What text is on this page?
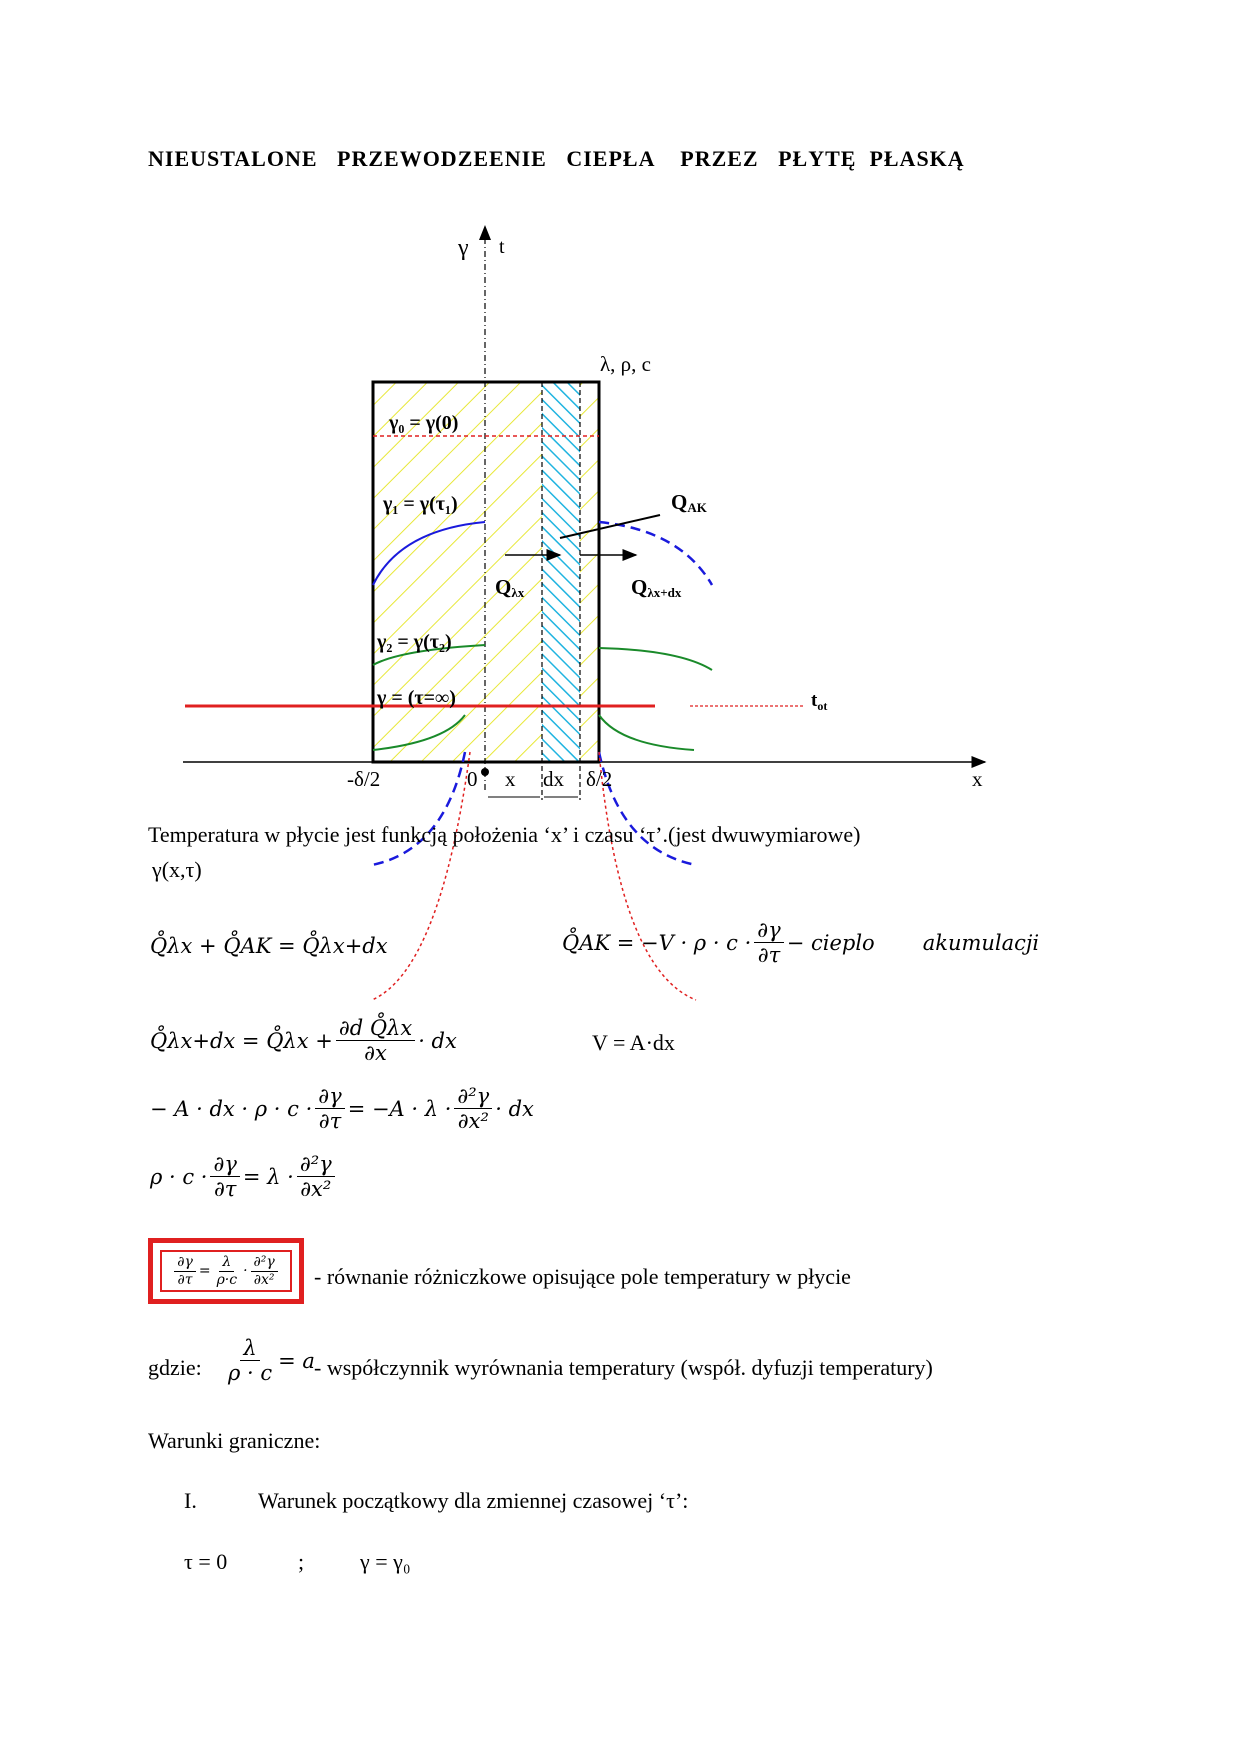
NIEUSTALONE   PRZEWODZEENIE   CIEPŁA    PRZEZ   PŁYTĘ  PŁASKĄ
γ t
λ, ρ, c
γ₀ = γ(0)
γ₁ = γ(τ₁)
γ₂ = γ(τ₂)
γ = (τ=∞)
QAK
Qλx	Qλx+dx
$t_{ot}$
x
-δ/2	0 x dx δ/2
Temperatura w płycie jest funkcją położenia ‘x’ i czasu ‘τ’.(jest dwuwymiarowe)
γ(x,τ)
Q̊λx + Q̊AK = Q̊λx+dx	Q̊AK = $-V \cdot \rho \cdot c \cdot \frac{\partial\gamma}{\partial\tau}$ − cieplo akumulacji
Q̊λx+dx = Q̊λx + $\frac{\text{∂d Q̊λx}}{\partial x}$ · dx	V = A·dx
− A · dx · $\rho \cdot c \cdot \frac{\partial\gamma}{\partial\tau} = -A \cdot \lambda \cdot \frac{\text{∂²γ}}{\text{∂x²}}$ · dx
$\rho \cdot c \cdot \frac{\partial\gamma}{\partial\tau} = \lambda \cdot \frac{\text{∂²γ}}{\text{∂x²}}$
$\frac{\partial\gamma}{\partial\tau} = \frac{\lambda}{\rho\cdot c} \cdot \frac{\text{∂²γ}}{\text{∂x²}}$ - równanie różniczkowe opisujące pole temperatury w płycie
gdzie: $\frac{\lambda}{\rho \cdot c} = a$ - współczynnik wyrównania temperatury (współ. dyfuzji temperatury)
Warunki graniczne:
I.	Warunek początkowy dla zmiennej czasowej ‘τ’:
τ = 0	;	γ = γ₀
